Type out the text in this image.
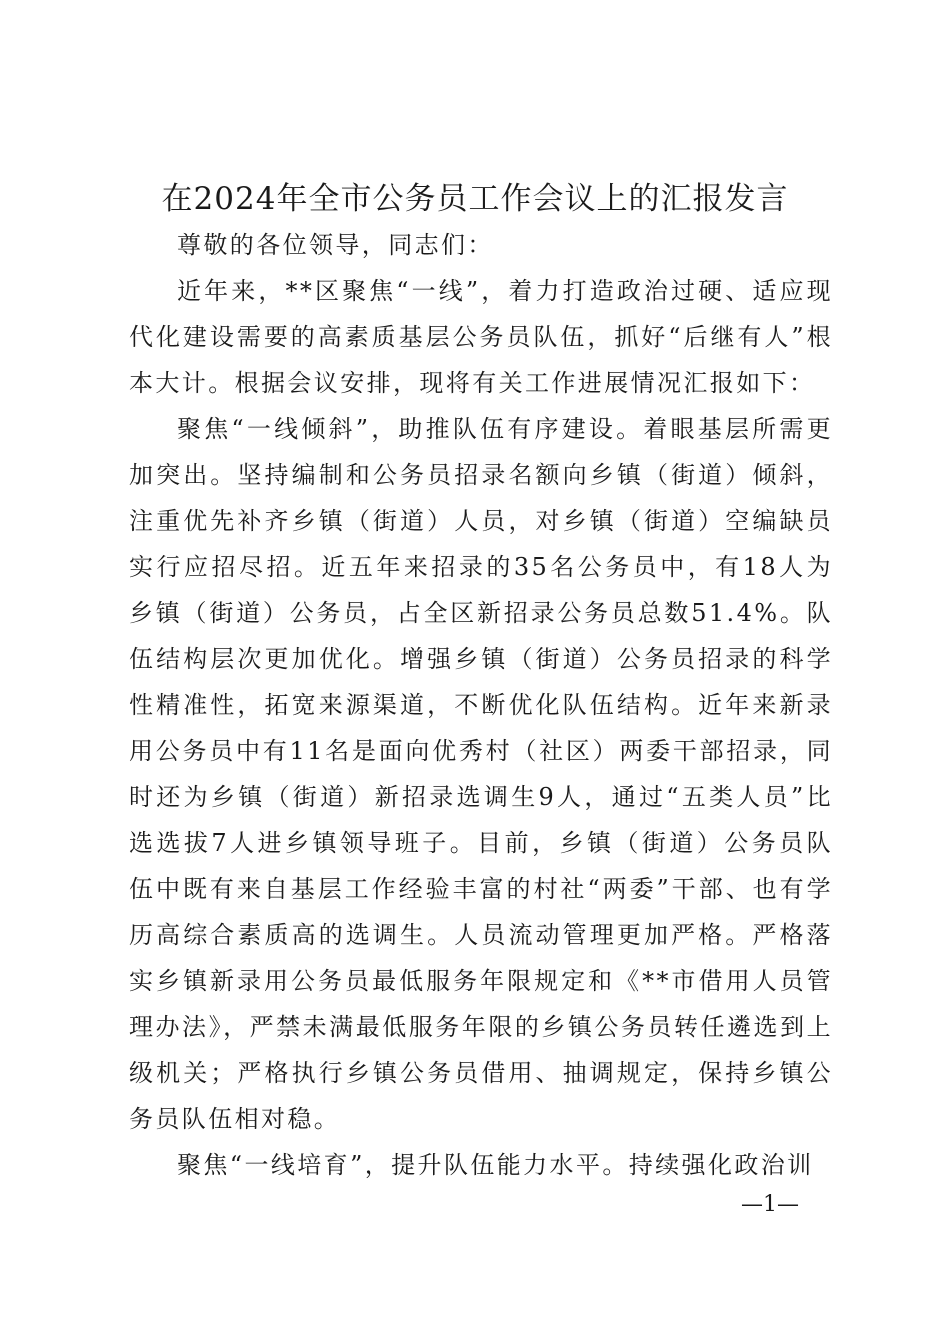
在2024年全市公务员工作会议上的汇报发言

尊敬的各位领导，同志们：

近年来，**区聚焦“一线”，着力打造政治过硬、适应现代化建设需要的高素质基层公务员队伍，抓好“后继有人”根本大计。根据会议安排，现将有关工作进展情况汇报如下：

聚焦“一线倾斜”，助推队伍有序建设。着眼基层所需更加突出。坚持编制和公务员招录名额向乡镇（街道）倾斜，注重优先补齐乡镇（街道）人员，对乡镇（街道）空编缺员实行应招尽招。近五年来招录的35名公务员中，有18人为乡镇（街道）公务员，占全区新招录公务员总数51.4%。队伍结构层次更加优化。增强乡镇（街道）公务员招录的科学性精准性，拓宽来源渠道，不断优化队伍结构。近年来新录用公务员中有11名是面向优秀村（社区）两委干部招录，同时还为乡镇（街道）新招录选调生9人，通过“五类人员”比选选拔7人进乡镇领导班子。目前，乡镇（街道）公务员队伍中既有来自基层工作经验丰富的村社“两委”干部、也有学历高综合素质高的选调生。人员流动管理更加严格。严格落实乡镇新录用公务员最低服务年限规定和《**市借用人员管理办法》，严禁未满最低服务年限的乡镇公务员转任遴选到上级机关；严格执行乡镇公务员借用、抽调规定，保持乡镇公务员队伍相对稳。

聚焦“一线培育”，提升队伍能力水平。持续强化政治训

—1—
